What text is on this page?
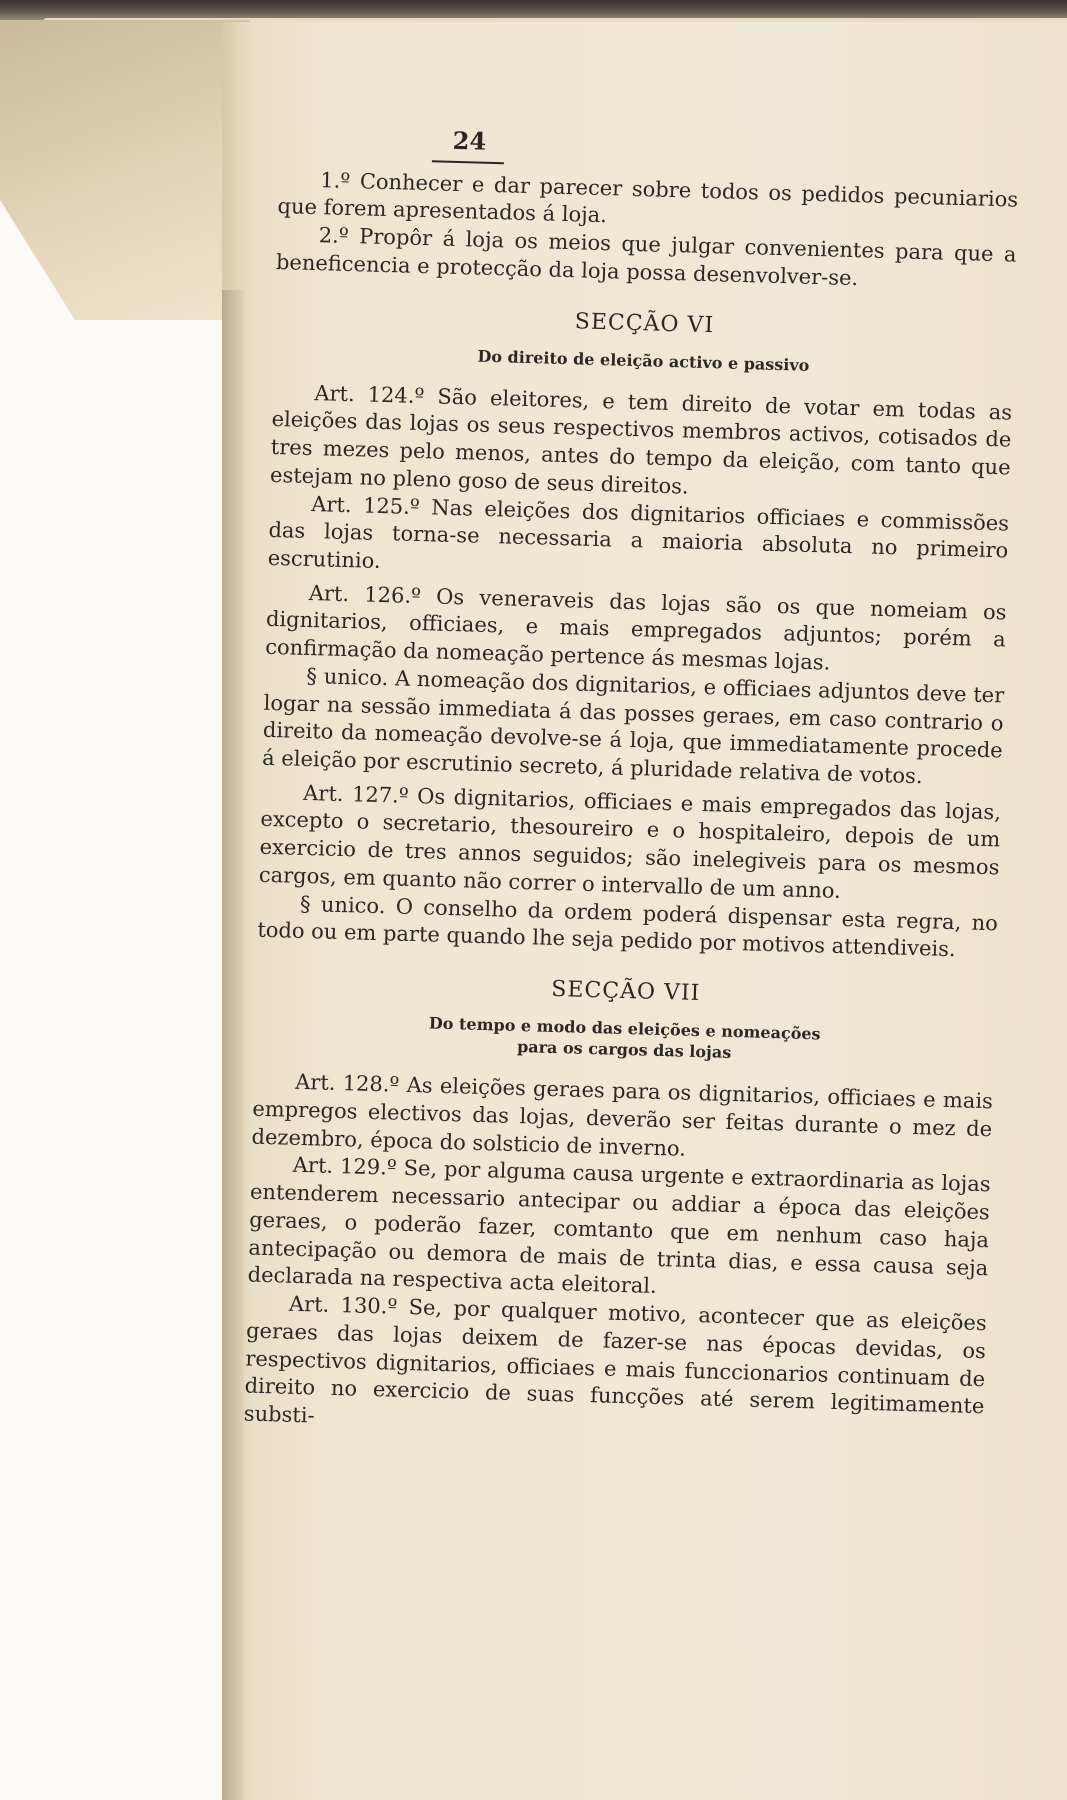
24

1.º Conhecer e dar parecer sobre todos os pedidos pecuniarios que forem apresentados á loja.

2.º Propôr á loja os meios que julgar convenientes para que a beneficencia e protecção da loja possa desenvolver-se.

SECÇÃO VI
Do direito de eleição activo e passivo

Art. 124.º São eleitores, e tem direito de votar em todas as eleições das lojas os seus respectivos membros activos, cotisados de tres mezes pelo menos, antes do tempo da eleição, com tanto que estejam no pleno goso de seus direitos.

Art. 125.º Nas eleições dos dignitarios officiaes e commissões das lojas torna-se necessaria a maioria absoluta no primeiro escrutinio.

Art. 126.º Os veneraveis das lojas são os que nomeiam os dignitarios, officiaes, e mais empregados adjuntos; porém a confirmação da nomeação pertence ás mesmas lojas.

§ unico. A nomeação dos dignitarios, e officiaes adjuntos deve ter logar na sessão immediata á das posses geraes, em caso contrario o direito da nomeação devolve-se á loja, que immediatamente procede á eleição por escrutinio secreto, á pluridade relativa de votos.

Art. 127.º Os dignitarios, officiaes e mais empregados das lojas, excepto o secretario, thesoureiro e o hospitaleiro, depois de um exercicio de tres annos seguidos; são inelegiveis para os mesmos cargos, em quanto não correr o intervallo de um anno.

§ unico. O conselho da ordem poderá dispensar esta regra, no todo ou em parte quando lhe seja pedido por motivos attendiveis.

SECÇÃO VII
Do tempo e modo das eleições e nomeações
para os cargos das lojas

Art. 128.º As eleições geraes para os dignitarios, officiaes e mais empregos electivos das lojas, deverão ser feitas durante o mez de dezembro, época do solsticio de inverno.

Art. 129.º Se, por alguma causa urgente e extraordinaria as lojas entenderem necessario antecipar ou addiar a época das eleições geraes, o poderão fazer, comtanto que em nenhum caso haja antecipação ou demora de mais de trinta dias, e essa causa seja declarada na respectiva acta eleitoral.

Art. 130.º Se, por qualquer motivo, acontecer que as eleições geraes das lojas deixem de fazer-se nas épocas devidas, os respectivos dignitarios, officiaes e mais funccionarios continuam de direito no exercicio de suas funcções até serem legitimamente substi-
